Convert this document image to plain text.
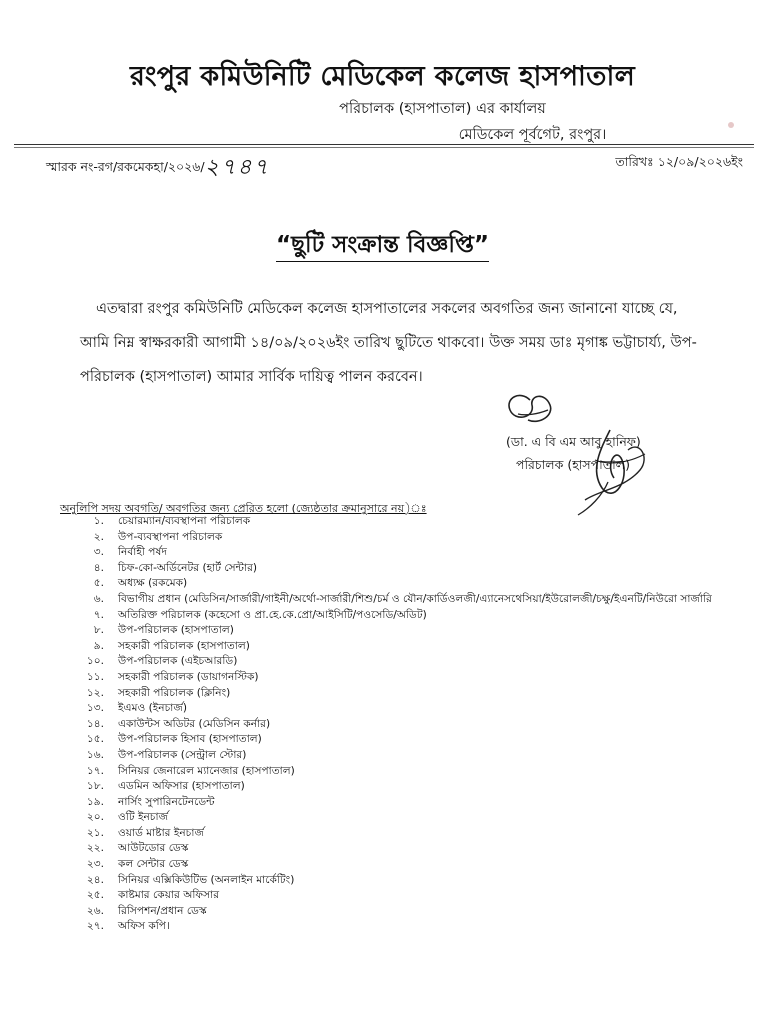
রংপুর কমিউনিটি মেডিকেল কলেজ হাসপাতাল
পরিচালক (হাসপাতাল) এর কার্যালয়
মেডিকেল পূর্বগেট, রংপুর।
স্মারক নং-রগ/রকমেকহা/২০২৬/২৭৪৭	তারিখঃ ১২/০৯/২০২৬ইং
“ছুটি সংক্রান্ত বিজ্ঞপ্তি”
এতদ্বারা রংপুর কমিউনিটি মেডিকেল কলেজ হাসপাতালের সকলের অবগতির জন্য জানানো যাচ্ছে যে,
আমি নিম্ন স্বাক্ষরকারী আগামী ১৪/০৯/২০২৬ইং তারিখ ছুটিতে থাকবো। উক্ত সময় ডাঃ মৃগাঙ্ক ভট্টাচার্য্য, উপ-
পরিচালক (হাসপাতাল) আমার সার্বিক দায়িত্ব পালন করবেন।
(ডা. এ বি এম আবু হানিফ)
পরিচালক (হাসপাতাল)
অনুলিপি সদয় অবগতি/ অবগতির জন্য প্রেরিত হলো (জ্যেষ্ঠতার ক্রমানুসারে নয়)ঃ
১.	চেয়ারম্যান/ব্যবস্থাপনা পরিচালক
২.	উপ-ব্যবস্থাপনা পরিচালক
৩.	নির্বাহী পর্ষদ
৪.	চিফ-কো-অর্ডিনেটর (হার্ট সেন্টার)
৫.	অধ্যক্ষ (রকমেক)
৬.	বিভাগীয় প্রধান (মেডিসিন/সার্জারী/গাইনী/অর্থো-সার্জারী/শিশু/চর্ম ও যৌন/কার্ডিওলজী/এ্যানেসথেসিয়া/ইউরোলজী/চক্ষু/ইএনটি/নিউরো সার্জারি
৭.	অতিরিক্ত পরিচালক (কহেসো ও প্রা.হে.কে.প্রো/আইসিটি/পওসেডি/অডিট)
৮.	উপ-পরিচালক (হাসপাতাল)
৯.	সহকারী পরিচালক (হাসপাতাল)
১০.	উপ-পরিচালক (এইচআরডি)
১১.	সহকারী পরিচালক (ডায়াগনস্টিক)
১২.	সহকারী পরিচালক (ক্লিনিং)
১৩.	ইএমও (ইনচার্জ)
১৪.	একাউন্টস অডিটর (মেডিসিন কর্নার)
১৫.	উপ-পরিচালক হিসাব (হাসপাতাল)
১৬.	উপ-পরিচালক (সেন্ট্রাল স্টোর)
১৭.	সিনিয়র জেনারেল ম্যানেজার (হাসপাতাল)
১৮.	এডমিন অফিসার (হাসপাতাল)
১৯.	নার্সিং সুপারিনটেনডেন্ট
২০.	ওটি ইনচার্জ
২১.	ওয়ার্ড মাষ্টার ইনচার্জ
২২.	আউটডোর ডেস্ক
২৩.	কল সেন্টার ডেস্ক
২৪.	সিনিয়র এক্সিকিউটিভ (অনলাইন মার্কেটিং)
২৫.	কাষ্টমার কেয়ার অফিসার
২৬.	রিসিপশন/প্রধান ডেস্ক
২৭.	অফিস কপি।
